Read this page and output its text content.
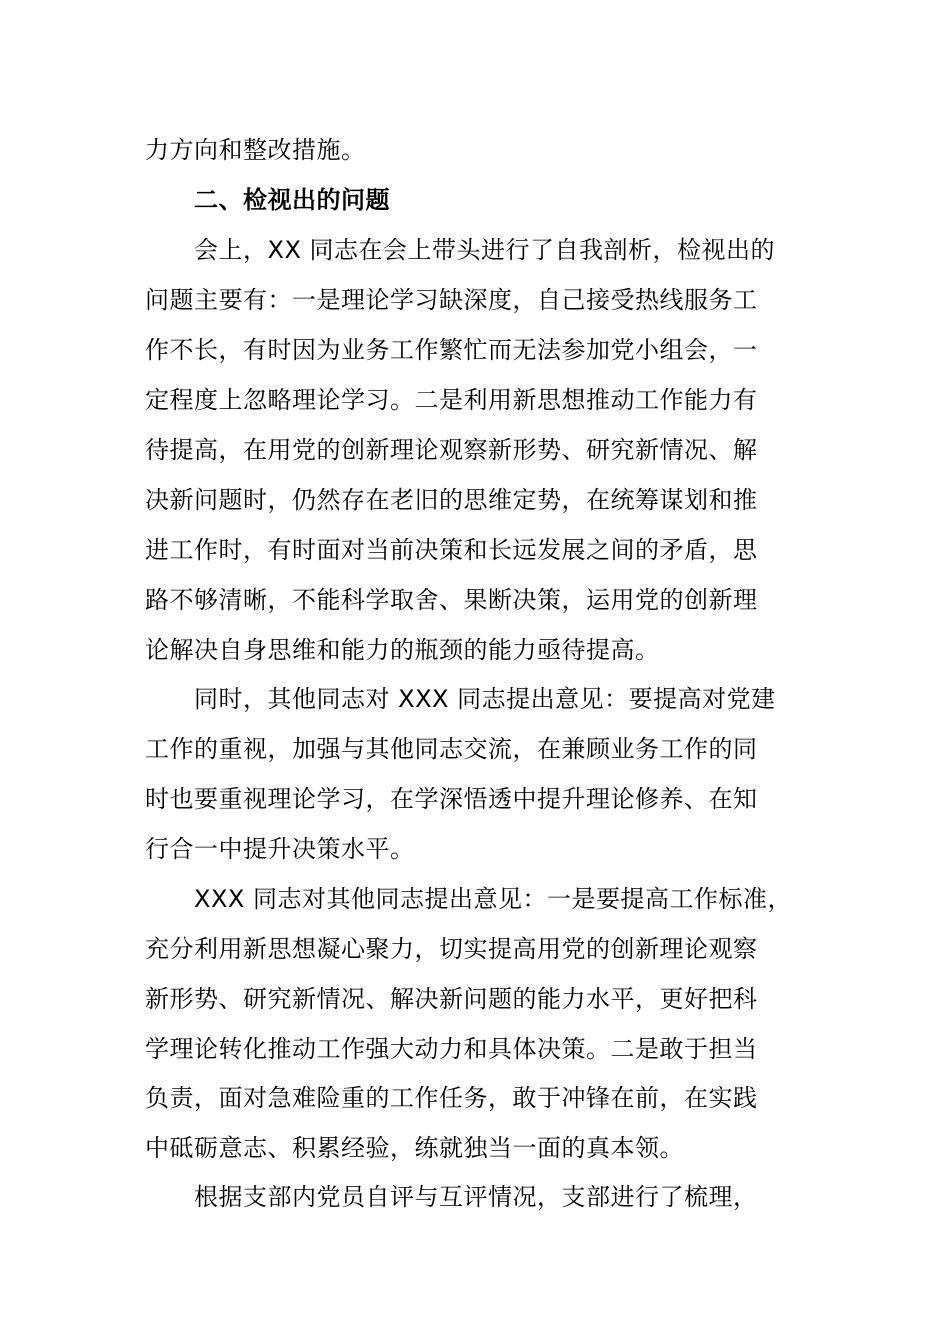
力方向和整改措施。
二、检视出的问题
会上，XX 同志在会上带头进行了自我剖析，检视出的
问题主要有：一是理论学习缺深度，自己接受热线服务工
作不长，有时因为业务工作繁忙而无法参加党小组会，一
定程度上忽略理论学习。二是利用新思想推动工作能力有
待提高，在用党的创新理论观察新形势、研究新情况、解
决新问题时，仍然存在老旧的思维定势，在统筹谋划和推
进工作时，有时面对当前决策和长远发展之间的矛盾，思
路不够清晰，不能科学取舍、果断决策，运用党的创新理
论解决自身思维和能力的瓶颈的能力亟待提高。
同时，其他同志对 XXX 同志提出意见：要提高对党建
工作的重视，加强与其他同志交流，在兼顾业务工作的同
时也要重视理论学习，在学深悟透中提升理论修养、在知
行合一中提升决策水平。
XXX 同志对其他同志提出意见：一是要提高工作标准，
充分利用新思想凝心聚力，切实提高用党的创新理论观察
新形势、研究新情况、解决新问题的能力水平，更好把科
学理论转化推动工作强大动力和具体决策。二是敢于担当
负责，面对急难险重的工作任务，敢于冲锋在前，在实践
中砥砺意志、积累经验，练就独当一面的真本领。
根据支部内党员自评与互评情况，支部进行了梳理，
